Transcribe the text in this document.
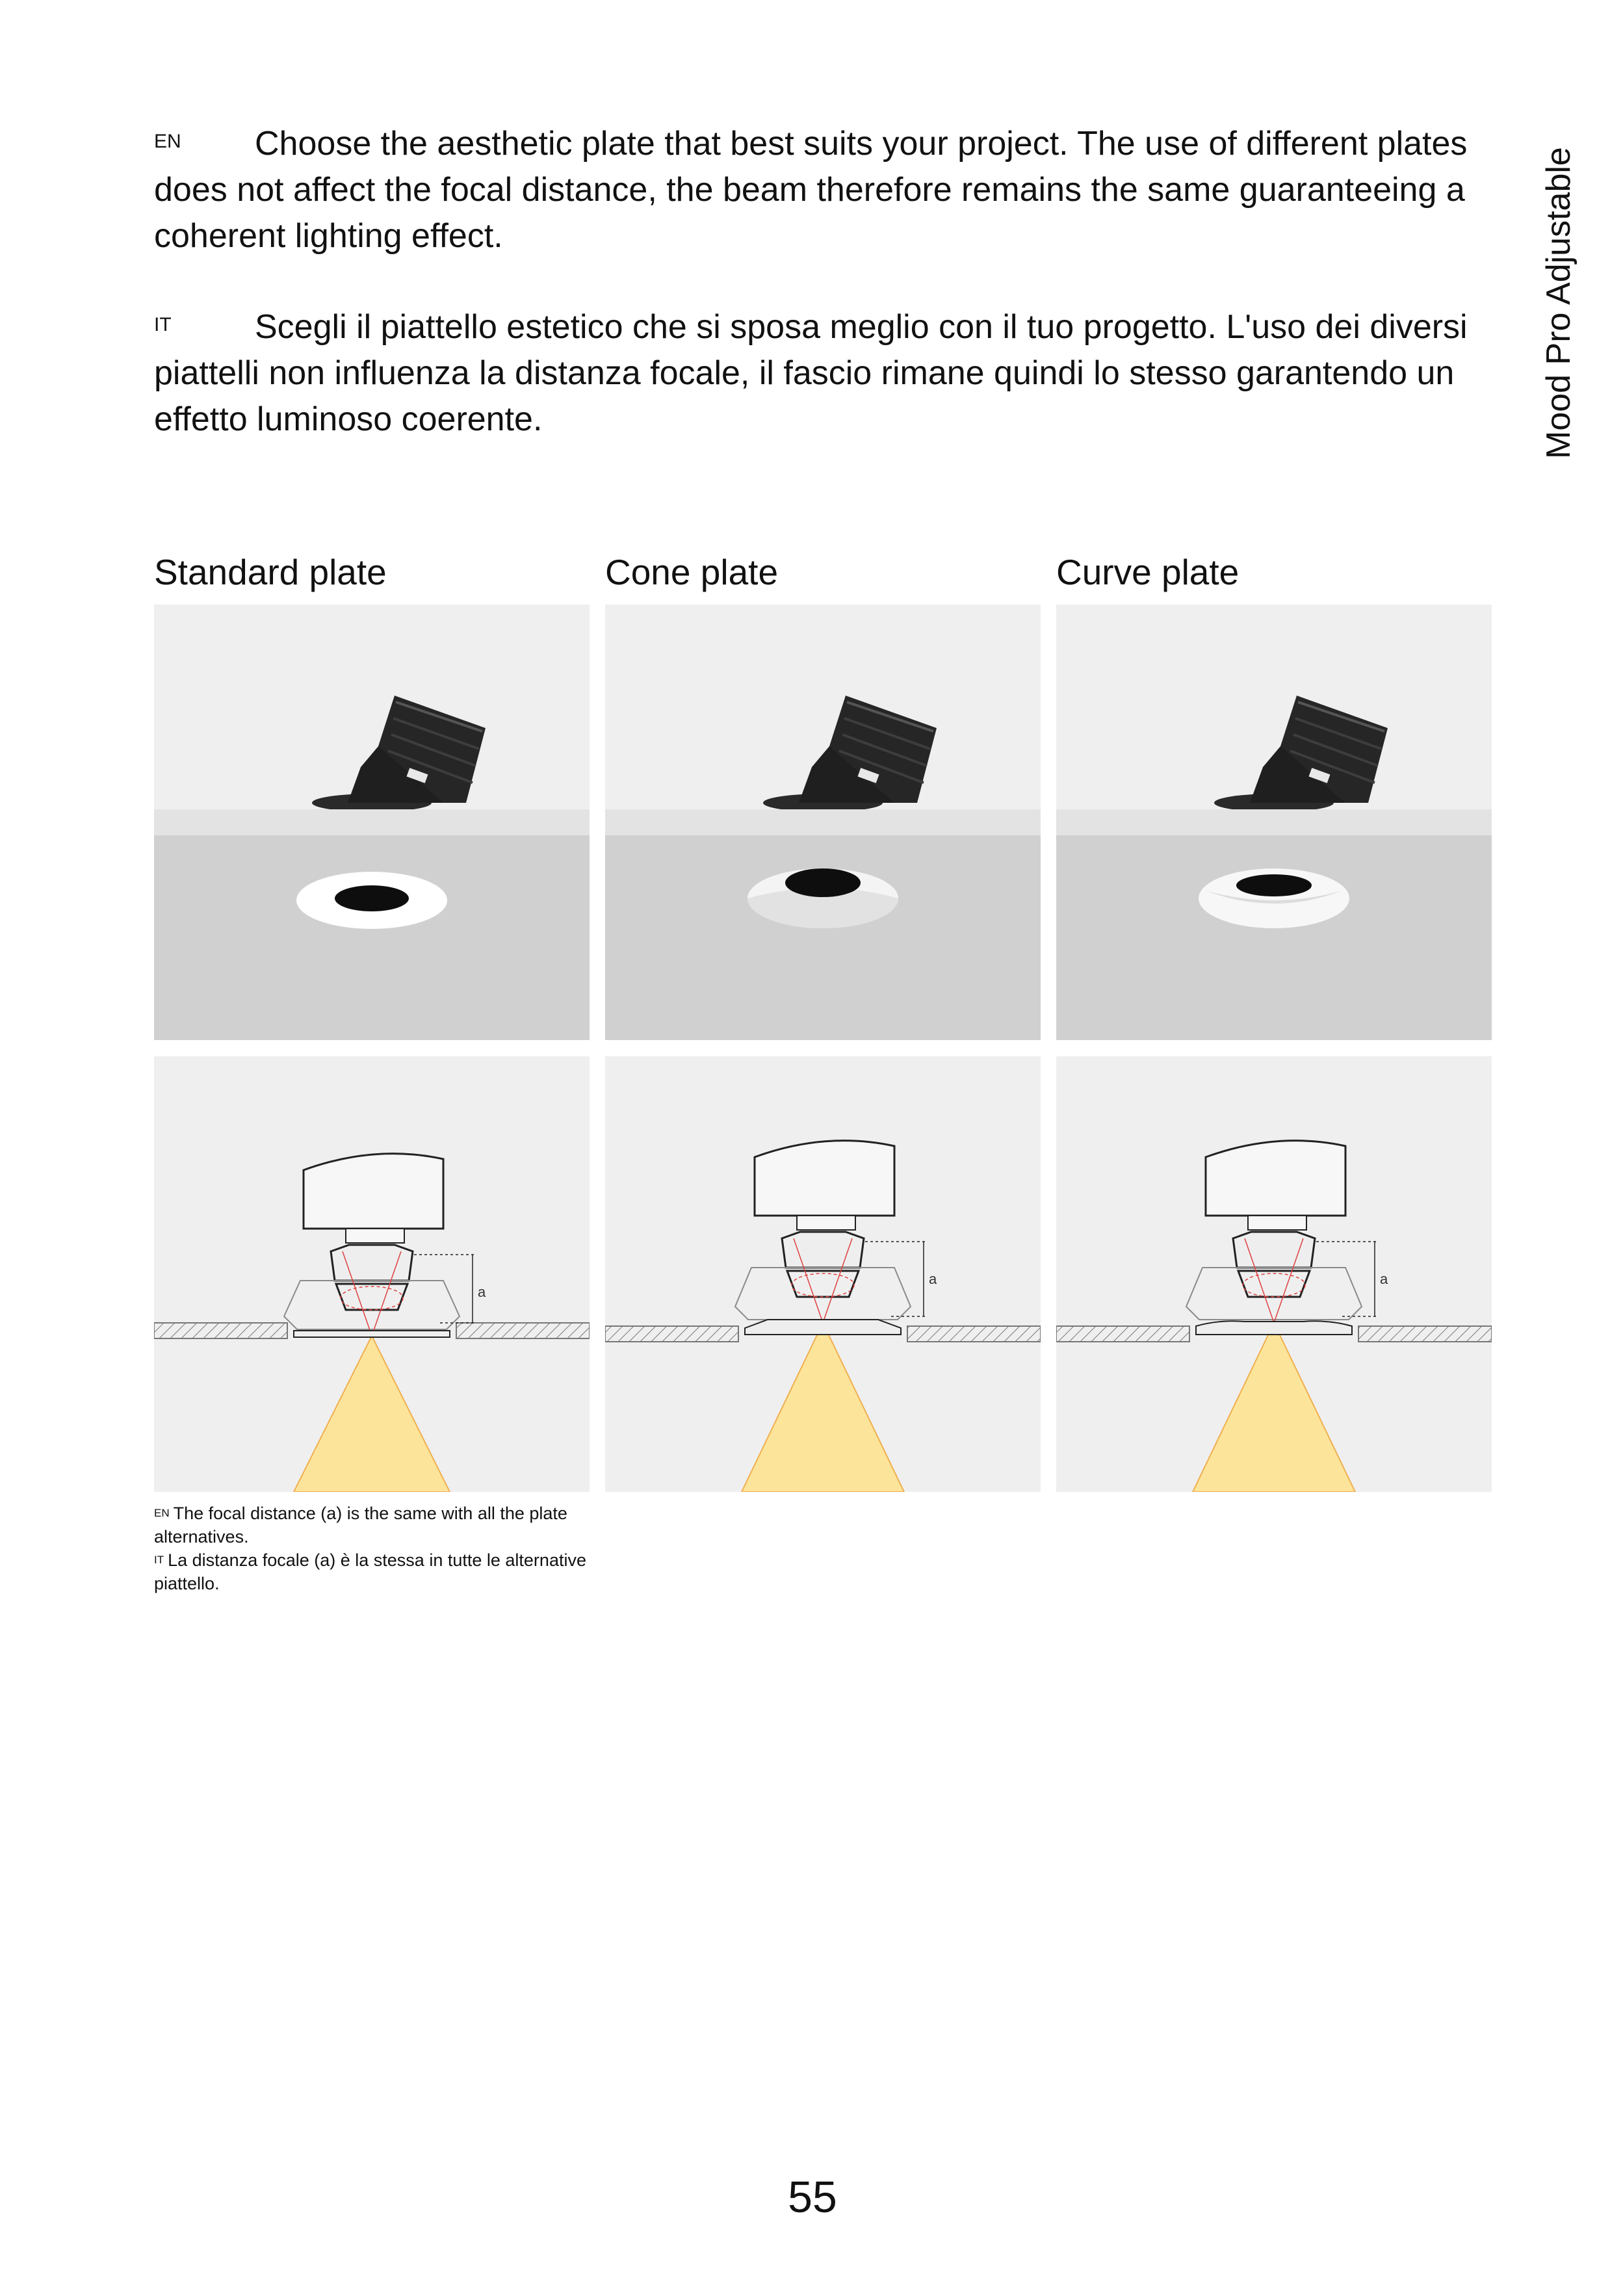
EN Choose the aesthetic plate that best suits your project. The use of different plates does not affect the focal distance, the beam therefore remains the same guaranteeing a coherent lighting effect.
IT Scegli il piattello estetico che si sposa meglio con il tuo progetto. L'uso dei diversi piattelli non influenza la distanza focale, il fascio rimane quindi lo stesso garantendo un effetto luminoso coerente.	Mood Pro Adjustable
Standard plate	Cone plate	Curve plate
a
a	a
$^{EN}$ The focal distance (a) is the same with all the plate alternatives.
$^{IT}$ La distanza focale (a) è la stessa in tutte le alternative piattello.
55
